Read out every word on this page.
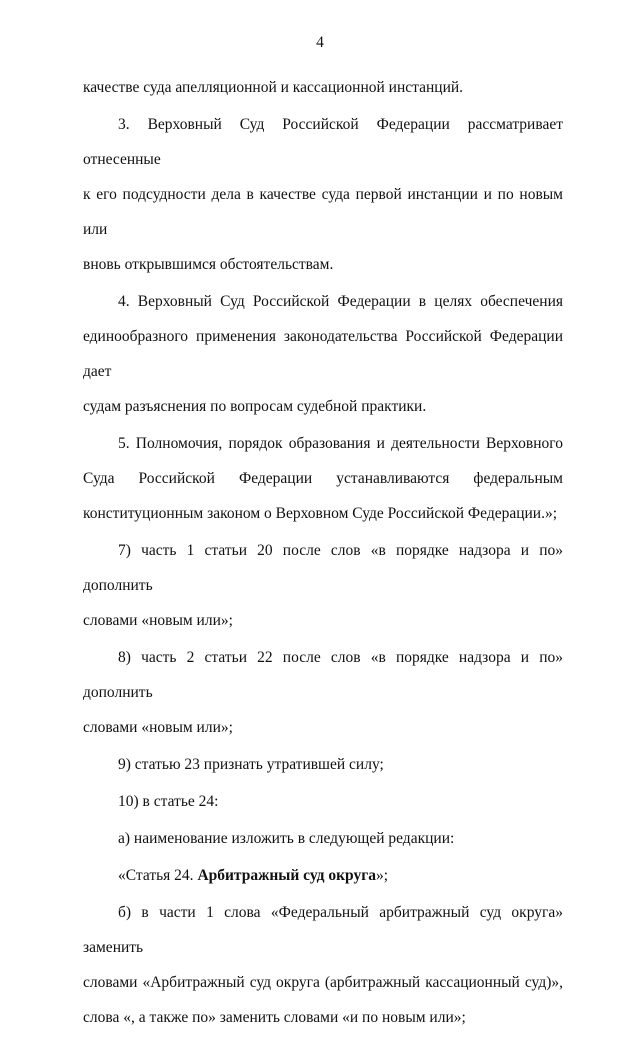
4

качестве суда апелляционной и кассационной инстанций.

3. Верховный Суд Российской Федерации рассматривает отнесенные
к его подсудности дела в качестве суда первой инстанции и по новым или
вновь открывшимся обстоятельствам.

4. Верховный Суд Российской Федерации в целях обеспечения
единообразного применения законодательства Российской Федерации дает
судам разъяснения по вопросам судебной практики.

5. Полномочия, порядок образования и деятельности Верховного
Суда Российской Федерации устанавливаются федеральным
конституционным законом о Верховном Суде Российской Федерации.»;

7) часть 1 статьи 20 после слов «в порядке надзора и по» дополнить
словами «новым или»;

8) часть 2 статьи 22 после слов «в порядке надзора и по» дополнить
словами «новым или»;

9) статью 23 признать утратившей силу;

10) в статье 24:

а) наименование изложить в следующей редакции:

«Статья 24. Арбитражный суд округа»;

б) в части 1 слова «Федеральный арбитражный суд округа» заменить
словами «Арбитражный суд округа (арбитражный кассационный суд)»,
слова «, а также по» заменить словами «и по новым или»;
